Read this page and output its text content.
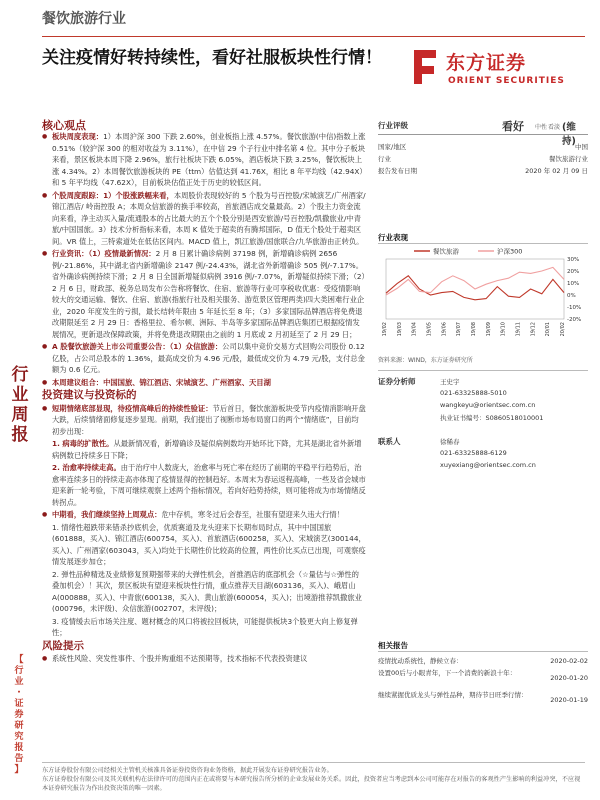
餐饮旅游行业
关注疫情好转持续性，看好社服板块性行情！	东方证券
ORIENT SECURITIES
行
业
周
报
【
行
业
・
证
券
研
究
报
告
】
核心观点

● 板块周度表现：1）本周沪深 300 下跌 2.60%，创业板指上涨 4.57%。餐饮旅游(中信)指数上涨 0.51%（较沪深 300 的相对收益为 3.11%），在中信 29 个子行业中排名第 4 位。其中分子板块来看，景区板块本周下降 2.96%，旅行社板块下跌 6.05%，酒店板块下跌 3.25%，餐饮板块上涨 4.34%。2）本周餐饮旅游板块的 PE（ttm）估值达到 41.76X，相比 8 年平均线（42.94X）和 5 年平均线（47.62X），目前板块估值正处于历史的较低区间。

● 个股周度跟踪：1）个股涨跌幅来看，本周股价表现较好的 5 个股为号百控股/宋城演艺/广州酒家/锦江酒店/ 岭南控股 A；本周众信旅游的换手率较高，首旅酒店成交量最高。2）个股主力资金流向来看，净主动买入量/流通股本的占比最大的五个个股分别是西安旅游/号百控股/凯撒旅业/中青旅/中国国旅。3）技术分析指标来看，本周 K 值处于超卖的有腾邦国际，D 值无个股处于超卖区间。VR 值上，三特索道处在低估区间内。MACD 值上，凯江旅游/国旅联合/九华旅游由正转负。

● 行业资讯：（1）疫情最新情况：2 月 8 日累计确诊病例 37198 例，新增确诊病例 2656 例/-21.86%，其中湖北省内新增确诊 2147 例/-24.43%，湖北省外新增确诊 505 例/-7.17%。省外确诊病例持续下滑；2 月 8 日全国新增疑似病例 3916 例/-7.07%，新增疑似持续下滑；（2）2 月 6 日，财政部、税务总局发布公告称将餐饮、住宿、旅游等行业可享税收优惠：受疫情影响较大的交通运输、餐饮、住宿、旅游(指旅行社及相关服务、游览景区管理两类)四大类困难行业企业，2020 年度发生的亏损，最长结转年限由 5 年延长至 8 年；（3）多家国际品牌酒店将免费退改期限延至 2 月 29 日：香格里拉、希尔顿、洲际、半岛等多家国际品牌酒店集团已根据疫情发展情况，更新退改保障政策，并将免费退改期限由之前的 1 月底或 2 月初延至了 2 月 29 日；

● A 股餐饮旅游关上市公司重要公告：（1）众信旅游：公司以集中竞价交易方式回购公司股份 0.12 亿股，占公司总股本的 1.36%，最高成交价为 4.96 元/股，最低成交价为 4.79 元/股，支付总金额为 0.6 亿元。

● 本周建议组合：中国国旅、锦江酒店、宋城演艺、广州酒家、天目湖

投资建议与投资标的

● 短期情绪底部显现，待疫情高峰后的持续性验证：节后首日，餐饮旅游板块受节内疫情消影响开盘大跌，后续情绪面修复逐步显现。前期，我们提出了视断市场布局窗口的两个“情绪底”，目前均初步出现：

1. 病毒的扩散性。从最新情况看，新增确诊及疑似病例数均开始环比下降，尤其是湖北省外新增病例数已持续多日下降；

2. 治愈率持续走高。由于治疗中人数庞大，治愈率与死亡率在经历了前期的平稳平行趋势后，治愈率连续多日的持续走高亦体现了疫情显得的控制趋好。本周末为春运返程高峰，一些及省会城市迎来新一轮考验，下周可继续观察上述两个指标情况，若向好趋势持续，则可能将成为市场情绪反转拐点。

● 中期看，我们继续坚持上周观点：危中存机，寒冬过后会春至，社服有望迎来久违大行情！

1. 情绪性超跌带来错杀抄底机会，优质赛道及龙头迎来下长期布局时点，其中中国国旅(601888，买入)、锦江酒店(600754，买入)、首旅酒店(600258，买入)、宋城演艺(300144，买入)、广州酒家(603043，买入)均处于长期性价比较高的位置，两性价比买点已出现，可观察疫情发展逐步加仓；

2. 弹性品种精选及业绩修复预期强带来的大弹性机会，首推酒店的底部机会（☆量估与☆弹性的叠加机会）！其次，景区板块有望迎来板块性行情，重点推荐天目湖(603136，买入)、峨眉山 A(000888，买入)、中青旅(600138，买入)、黄山旅游(600054，买入)；出境游推荐凯撒旅业(000796，未评级)、众信旅游(002707，未评级)；

3. 疫情缓去后市场关注度、题材概念的风口将被拉回板块，可能提供板块3个股更大向上修复弹性；

风险提示

● 系统性风险、突发性事件、个股并购重组不达预期等，技术指标不代表投资建议

行业评级	看好 中性 看淡 (维持)
国家/地区	中国
行业	餐饮旅游行业
报告发布日期	2020 年 02 月 09 日
行业表现
30%
20%
10%
0%
-10%
-20%
19/02 19/03 19/04 19/05 19/06 19/07 19/08 19/09 19/10 19/11 19/12 20/01 20/02
餐饮旅游	沪深300
资料来源：WIND，东方证券研究所
证券分析师	王史宇
021-63325888-5010
wangkeyu@orientsec.com.cn
执业证书编号：S0860518010001
联系人	徐稀春
021-63325888-6129
xuyexiang@orientsec.com.cn
相关报告
疫情扰动系统性，静候立春：	2020-02-02
设置00后与小眼青年，下一个消费的新浪十年：
2020-01-20
继续紧握优质龙头与弹性品种，期待节日旺季行情：
2020-01-19
东方证券股份有限公司经相关主管机关核准具备证券投资咨询业务资格，据此开展发布证券研究报告业务。
东方证券股份有限公司及其关联机构在法律许可的范围内正在或将要与本研究报告所分析的企业发展业务关系。因此，投资者应当考虑到本公司可能存在对报告的客观性产生影响的利益冲突，不应视本证券研究报告为作出投资决策的唯一因素。
